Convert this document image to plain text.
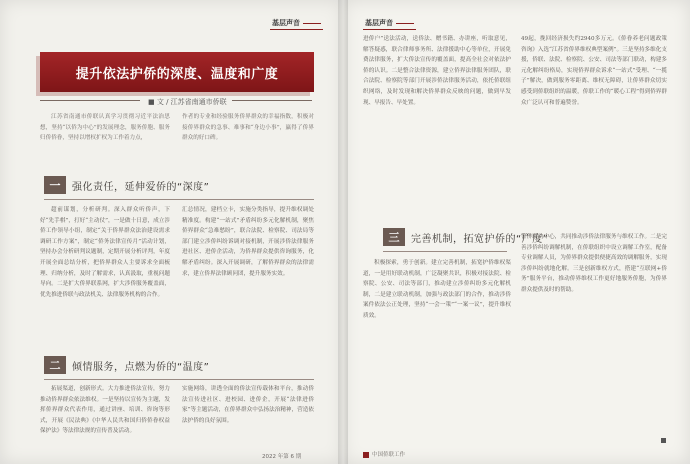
基层声音
提升依法护侨的深度、温度和广度
■ 文 / 江苏省南通市侨联

江苏省南通市侨联认真学习贯彻习近平法治思想，坚持“以侨为中心”的发展理念，服务侨胞、服务归侨侨眷，坚持以增权扩权为工作着力点，

作者的专业和经验服务侨界群众的幸福指数，积极对接侨界群众的急事、难事和“身边小事”，赢得了侨界群众的好口碑。

一	强化责任，延伸爱侨的“深度”

超前谋划，分析研判。深入群众听侨声，下好“先手棋”，打好“主动仗”，一是做十日意，成立涉侨工作领导小组，制定“关于侨界群众法治建设需求调研工作方案”，制定“侨务法律宣传月”活动计划，坚持办会分析研判议题制，定期开展分析评判，年度开展全面总结分析，把侨界群众人主要诉求全面梳理、归纳分析，及时了解需求，认真汲取，重视问题导向。二是扩大侨界联系网，扩大涉侨服务覆盖面，优先推进侨联与政法机关、法律服务机构的合作。

汇总情况，建档立卡，实施分类指导，提升维权调处精准度。构建“一站式”矛盾纠纷多元化解机制，聚焦侨界群众“急难愁盼”，联合法院、检察院、司法局等部门建立涉侨纠纷诉调对接机制，开展涉侨法律服务进社区、进侨企活动，为侨界群众提供咨询服务，化解矛盾纠纷。深入开展调研，了解侨界群众的法律需求，建立侨界法律顾问团，提升服务实效。

二	倾情服务，点燃为侨的“温度”

拓展渠道，创新形式。大力推进侨法宣传，努力推动侨界群众依法维权。一是坚持以宣传为主题，发挥侨界群众代表作用，通过讲座、培训、咨询等形式，开展《民法典》《中华人民共和国归侨侨眷权益保护法》等法律法规的宣传普及活动。

实施网络，讲透全面的侨法宣传载体和平台，推动侨法宣传进社区、进校园、进侨企，开展“法律进侨家”等主题活动，在侨界群众中弘扬法治精神，营造依法护侨的良好氛围。

2022 年第 6 期
基层声音

进侨户”送法活动，送侨法、赠书籍、办讲座，听取意见，解答疑惑，联合律师事务所、法律援助中心等单位，开展免费法律服务，扩大侨法宣传的覆盖面，提高全社会对依法护侨的认识。二是整合法律资源，建立侨界法律服务团队，联合法院、检察院等部门开展涉侨法律服务活动，依托侨联组织网络，及时发现和解决侨界群众反映的问题，做到早发现、早报告、早处置。

49起，挽回经济损失约2940多万元。《侨眷养老问题政策咨询》入选“江苏省侨界维权典型案例”。三是坚持多维化支援，侨联、法院、检察院、公安、司法等部门联动，构建多元化解纠纷格局，实现侨界群众诉求“一站式”受理、“一揽子”解决，做到服务零距离、维权无障碍，让侨界群众切实感受到侨联组织的温暖，侨联工作的“暖心工程”得到侨界群众广泛认可和普遍赞誉。

三	完善机制，拓宽护侨的“广度”

积极探索，勇于创新。建立完善机制，拓宽护侨维权渠道，一是用好联动机制，广泛凝聚共识，积极对接法院、检察院、公安、司法等部门，推动建立涉侨纠纷多元化解机制，二是建立联动机制，加强与政法部门的合作，推动涉侨案件依法公正处理，坚持“一会一策”“一案一议”，提升维权质效。

警侨联动中心，共同推动涉侨法律服务与维权工作。二是完善涉侨纠纷调解机制，在侨联组织中设立调解工作室，配备专业调解人员，为侨界群众提供便捷高效的调解服务，实现涉侨纠纷就地化解。三是创新维权方式，搭建“互联网+侨务”服务平台，推动侨界维权工作更好地服务侨胞，为侨界群众提供及时的帮助。

中国侨联工作
